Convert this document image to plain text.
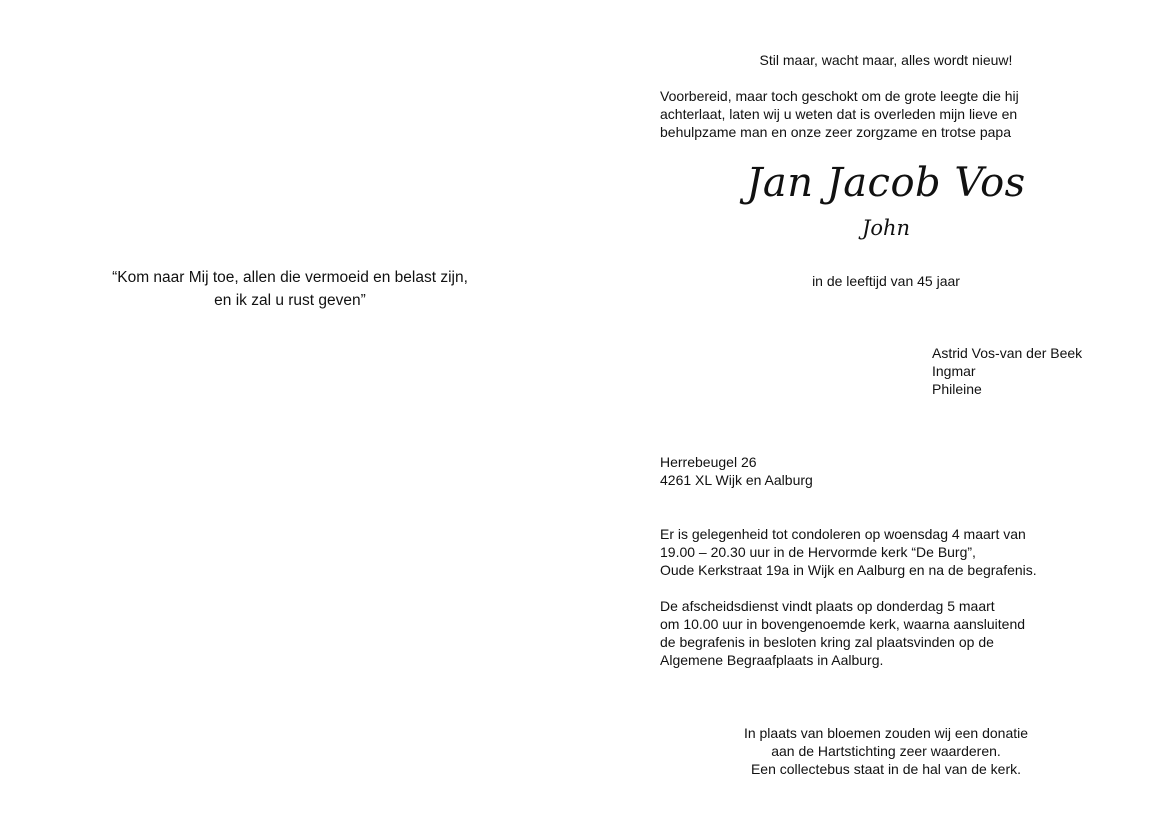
“Kom naar Mij toe, allen die vermoeid en belast zijn,
en ik zal u rust geven”
Stil maar, wacht maar, alles wordt nieuw!
Voorbereid, maar toch geschokt om de grote leegte die hij
achterlaat, laten wij u weten dat is overleden mijn lieve en
behulpzame man en onze zeer zorgzame en trotse papa
Jan Jacob Vos
John
in de leeftijd van 45 jaar
Astrid Vos-van der Beek
Ingmar
Phileine
Herrebeugel 26
4261 XL Wijk en Aalburg
Er is gelegenheid tot condoleren op woensdag 4 maart van
19.00 – 20.30 uur in de Hervormde kerk “De Burg”,
Oude Kerkstraat 19a in Wijk en Aalburg en na de begrafenis.
De afscheidsdienst vindt plaats op donderdag 5 maart
om 10.00 uur in bovengenoemde kerk, waarna aansluitend
de begrafenis in besloten kring zal plaatsvinden op de
Algemene Begraafplaats in Aalburg.
In plaats van bloemen zouden wij een donatie
aan de Hartstichting zeer waarderen.
Een collectebus staat in de hal van de kerk.
